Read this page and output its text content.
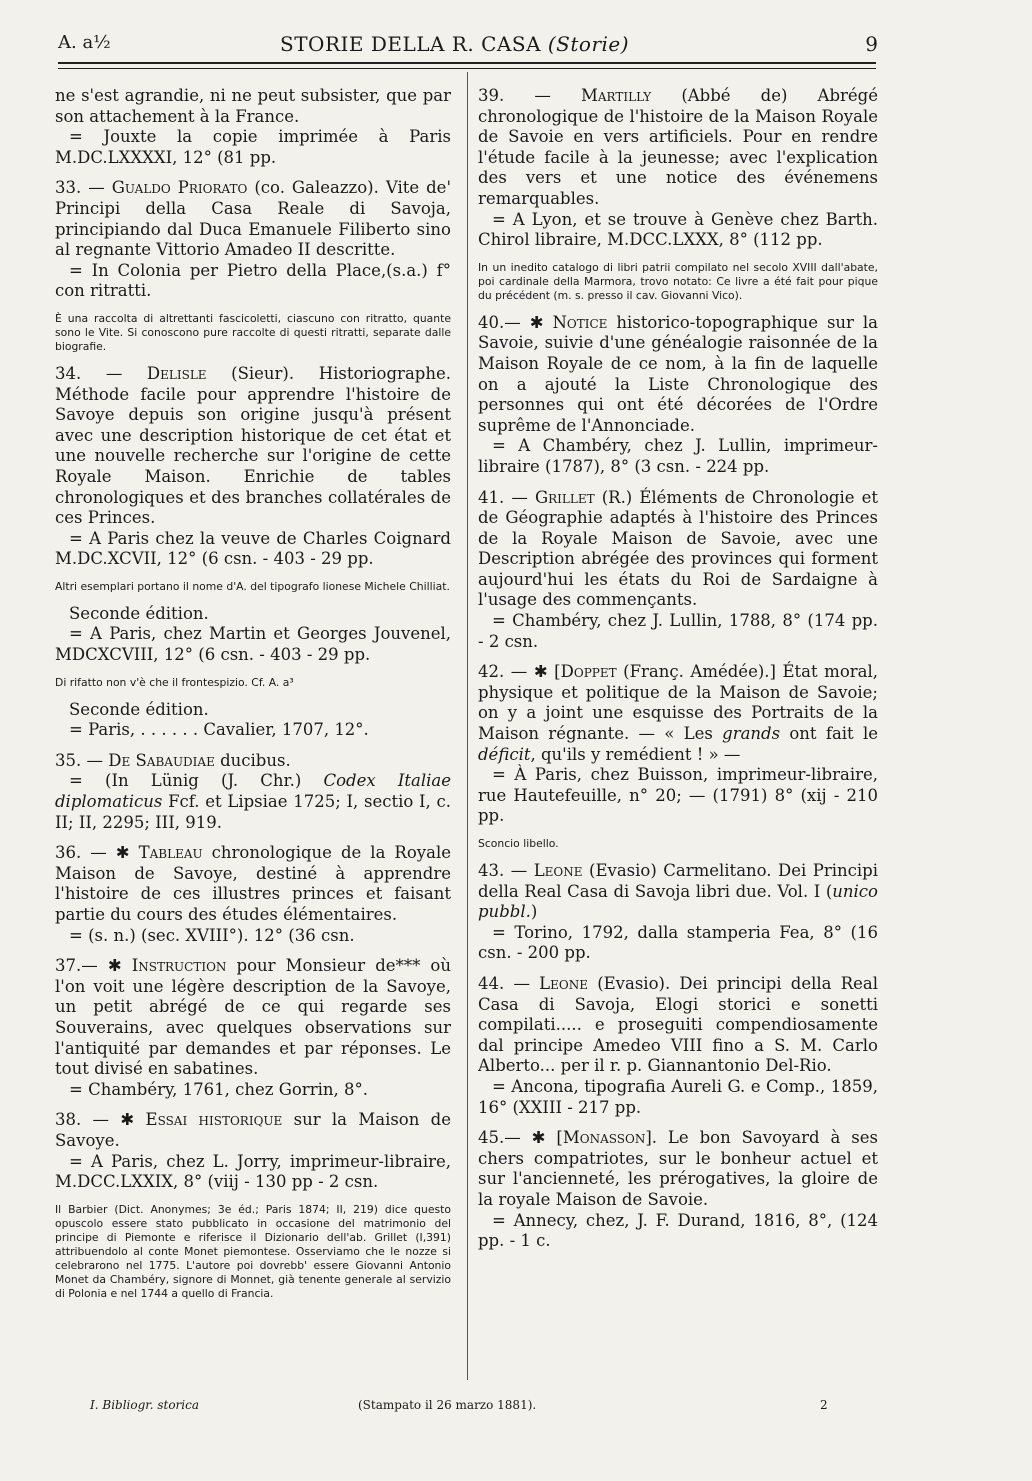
A. a½	STORIE DELLA R. CASA (Storie)	9

ne s'est agrandie, ni ne peut subsister, que par son attachement à la France.

= Jouxte la copie imprimée à Paris M.DC.LXXXXI, 12° (81 pp.

33. — Gualdo Priorato (co. Galeazzo). Vite de' Principi della Casa Reale di Savoja, principiando dal Duca Emanuele Filiberto sino al regnante Vittorio Amadeo II descritte.

= In Colonia per Pietro della Place,(s.a.) f° con ritratti.

È una raccolta di altrettanti fascicoletti, ciascuno con ritratto, quante sono le Vite. Si conoscono pure raccolte di questi ritratti, separate dalle biografie.

34. — Delisle (Sieur). Historiographe. Méthode facile pour apprendre l'histoire de Savoye depuis son origine jusqu'à présent avec une description historique de cet état et une nouvelle recherche sur l'origine de cette Royale Maison. Enrichie de tables chronologiques et des branches collatérales de ces Princes.

= A Paris chez la veuve de Charles Coignard M.DC.XCVII, 12° (6 csn. - 403 - 29 pp.

Altri esemplari portano il nome d'A. del tipografo lionese Michele Chilliat.

Seconde édition.

= A Paris, chez Martin et Georges Jouvenel, MDCXCVIII, 12° (6 csn. - 403 - 29 pp.

Di rifatto non v'è che il frontespizio. Cf. A. a³

Seconde édition.

= Paris, . . . . . . Cavalier, 1707, 12°.

35. — De Sabaudiae ducibus.

= (In Lünig (J. Chr.) Codex Italiae diplomaticus Fcf. et Lipsiae 1725; I, sectio I, c. II; II, 2295; III, 919.

36. — ✱ Tableau chronologique de la Royale Maison de Savoye, destiné à apprendre l'histoire de ces illustres princes et faisant partie du cours des études élémentaires.

= (s. n.) (sec. XVIII°). 12° (36 csn.

37.— ✱ Instruction pour Monsieur de*** où l'on voit une légère description de la Savoye, un petit abrégé de ce qui regarde ses Souverains, avec quelques observations sur l'antiquité par demandes et par réponses. Le tout divisé en sabatines.

= Chambéry, 1761, chez Gorrin, 8°.

38. — ✱ Essai historique sur la Maison de Savoye.

= A Paris, chez L. Jorry, imprimeur-libraire, M.DCC.LXXIX, 8° (viij - 130 pp - 2 csn.

Il Barbier (Dict. Anonymes; 3e éd.; Paris 1874; II, 219) dice questo opuscolo essere stato pubblicato in occasione del matrimonio del principe di Piemonte e riferisce il Dizionario dell'ab. Grillet (I,391) attribuendolo al conte Monet piemontese. Osserviamo che le nozze si celebrarono nel 1775. L'autore poi dovrebb' essere Giovanni Antonio Monet da Chambéry, signore di Monnet, già tenente generale al servizio di Polonia e nel 1744 a quello di Francia.

39. — Martilly (Abbé de) Abrégé chronologique de l'histoire de la Maison Royale de Savoie en vers artificiels. Pour en rendre l'étude facile à la jeunesse; avec l'explication des vers et une notice des événemens remarquables.

= A Lyon, et se trouve à Genève chez Barth. Chirol libraire, M.DCC.LXXX, 8° (112 pp.

In un inedito catalogo di libri patrii compilato nel secolo XVIII dall'abate, poi cardinale della Marmora, trovo notato: Ce livre a été fait pour pique du précédent (m. s. presso il cav. Giovanni Vico).

40.— ✱ Notice historico-topographique sur la Savoie, suivie d'une généalogie raisonnée de la Maison Royale de ce nom, à la fin de laquelle on a ajouté la Liste Chronologique des personnes qui ont été décorées de l'Ordre suprême de l'Annonciade.

= A Chambéry, chez J. Lullin, imprimeur-libraire (1787), 8° (3 csn. - 224 pp.

41. — Grillet (R.) Éléments de Chronologie et de Géographie adaptés à l'histoire des Princes de la Royale Maison de Savoie, avec une Description abrégée des provinces qui forment aujourd'hui les états du Roi de Sardaigne à l'usage des commençants.

= Chambéry, chez J. Lullin, 1788, 8° (174 pp. - 2 csn.

42. — ✱ [Doppet (Franç. Amédée).] État moral, physique et politique de la Maison de Savoie; on y a joint une esquisse des Portraits de la Maison régnante. — « Les grands ont fait le déficit, qu'ils y remédient ! » —

= À Paris, chez Buisson, imprimeur-libraire, rue Hautefeuille, n° 20; — (1791) 8° (xij - 210 pp.

Sconcio libello.

43. — Leone (Evasio) Carmelitano. Dei Principi della Real Casa di Savoja libri due. Vol. I (unico pubbl.)

= Torino, 1792, dalla stamperia Fea, 8° (16 csn. - 200 pp.

44. — Leone (Evasio). Dei principi della Real Casa di Savoja, Elogi storici e sonetti compilati..... e proseguiti compendiosamente dal principe Amedeo VIII fino a S. M. Carlo Alberto... per il r. p. Giannantonio Del-Rio.

= Ancona, tipografia Aureli G. e Comp., 1859, 16° (XXIII - 217 pp.

45.— ✱ [Monasson]. Le bon Savoyard à ses chers compatriotes, sur le bonheur actuel et sur l'ancienneté, les prérogatives, la gloire de la royale Maison de Savoie.

= Annecy, chez, J. F. Durand, 1816, 8°, (124 pp. - 1 c.

I. Bibliogr. storica	(Stampato il 26 marzo 1881).	2
